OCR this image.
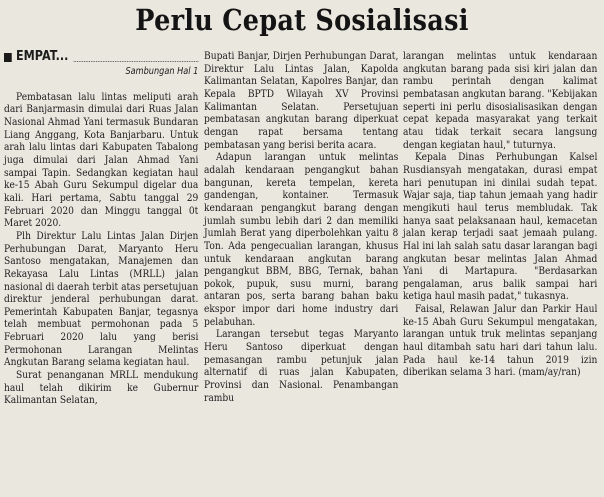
Perlu Cepat Sosialisasi
EMPAT...
Sambungan Hal 1

Pembatasan lalu lintas meliputi arah dari Banjarmasin dimulai dari Ruas Jalan Nasional Ahmad Yani termasuk Bundaran Liang Anggang, Kota Banjarbaru. Untuk arah lalu lintas dari Kabupaten Tabalong juga dimulai dari Jalan Ahmad Yani sampai Tapin. Sedangkan kegiatan haul ke-15 Abah Guru Sekumpul digelar dua kali. Hari pertama, Sabtu tanggal 29 Februari 2020 dan Minggu tanggal 0t Maret 2020.

Plh Direktur Lalu Lintas Jalan Dirjen Perhubungan Darat, Maryanto Heru Santoso mengatakan, Manajemen dan Rekayasa Lalu Lintas (MRLL) jalan nasional di daerah terbit atas persetujuan direktur jenderal perhubungan darat. Pemerintah Kabupaten Banjar, tegasnya telah membuat permohonan pada 5 Februari 2020 lalu yang berisi Permohonan Larangan Melintas Angkutan Barang selama kegiatan haul.

Surat penanganan MRLL mendukung haul telah dikirim ke Gubernur Kalimantan Selatan,

Bupati Banjar, Dirjen Perhubungan Darat, Direktur Lalu Lintas Jalan, Kapolda Kalimantan Selatan, Kapolres Banjar, dan Kepala BPTD Wilayah XV Provinsi Kalimantan Selatan. Persetujuan pembatasan angkutan barang diperkuat dengan rapat bersama tentang pembatasan yang berisi berita acara.

Adapun larangan untuk melintas adalah kendaraan pengangkut bahan bangunan, kereta tempelan, kereta gandengan, kontainer. Termasuk kendaraan pengangkut barang dengan jumlah sumbu lebih dari 2 dan memiliki Jumlah Berat yang diperbolehkan yaitu 8 Ton. Ada pengecualian larangan, khusus untuk kendaraan angkutan barang pengangkut BBM, BBG, Ternak, bahan pokok, pupuk, susu murni, barang antaran pos, serta barang bahan baku ekspor impor dari home industry dari pelabuhan.

Larangan tersebut tegas Maryanto Heru Santoso diperkuat dengan pemasangan rambu petunjuk jalan alternatif di ruas jalan Kabupaten, Provinsi dan Nasional. Penambangan rambu

larangan melintas untuk kendaraan angkutan barang pada sisi kiri jalan dan rambu perintah dengan kalimat pembatasan angkutan barang. "Kebijakan seperti ini perlu disosialisasikan dengan cepat kepada masyarakat yang terkait atau tidak terkait secara langsung dengan kegiatan haul," tuturnya.

Kepala Dinas Perhubungan Kalsel Rusdiansyah mengatakan, durasi empat hari penutupan ini dinilai sudah tepat. Wajar saja, tiap tahun jemaah yang hadir mengikuti haul terus membludak. Tak hanya saat pelaksanaan haul, kemacetan jalan kerap terjadi saat jemaah pulang. Hal ini lah salah satu dasar larangan bagi angkutan besar melintas Jalan Ahmad Yani di Martapura. "Berdasarkan pengalaman, arus balik sampai hari ketiga haul masih padat," tukasnya.

Faisal, Relawan Jalur dan Parkir Haul ke-15 Abah Guru Sekumpul mengatakan, larangan untuk truk melintas sepanjang haul ditambah satu hari dari tahun lalu. Pada haul ke-14 tahun 2019 izin diberikan selama 3 hari. (mam/ay/ran)
